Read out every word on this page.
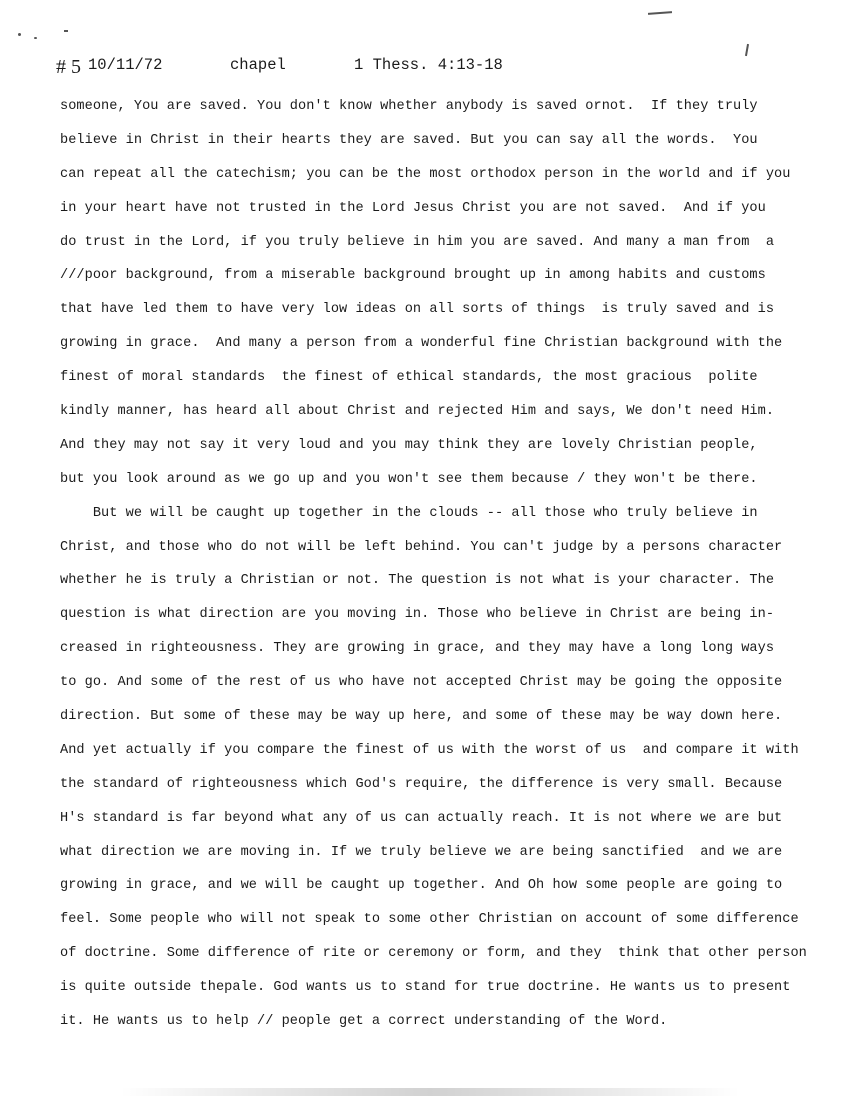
# 5 10/11/72	chapel	1 Thess. 4:13-18
someone, You are saved. You don't know whether anybody is saved ornot.  If they truly
believe in Christ in their hearts they are saved. But you can say all the words.  You
can repeat all the catechism; you can be the most orthodox person in the world and if you
in your heart have not trusted in the Lord Jesus Christ you are not saved.  And if you
do trust in the Lord, if you truly believe in him you are saved. And many a man from  a
///poor background, from a miserable background brought up in among habits and customs
that have led them to have very low ideas on all sorts of things  is truly saved and is
growing in grace.  And many a person from a wonderful fine Christian background with the
finest of moral standards  the finest of ethical standards, the most gracious  polite
kindly manner, has heard all about Christ and rejected Him and says, We don't need Him.
And they may not say it very loud and you may think they are lovely Christian people,
but you look around as we go up and you won't see them because / they won't be there.
But we will be caught up together in the clouds -- all those who truly believe in
Christ, and those who do not will be left behind. You can't judge by a persons character
whether he is truly a Christian or not. The question is not what is your character. The
question is what direction are you moving in. Those who believe in Christ are being in-
creased in righteousness. They are growing in grace, and they may have a long long ways
to go. And some of the rest of us who have not accepted Christ may be going the opposite
direction. But some of these may be way up here, and some of these may be way down here.
And yet actually if you compare the finest of us with the worst of us  and compare it with
the standard of righteousness which God's require, the difference is very small. Because
H's standard is far beyond what any of us can actually reach. It is not where we are but
what direction we are moving in. If we truly believe we are being sanctified  and we are
growing in grace, and we will be caught up together. And Oh how some people are going to
feel. Some people who will not speak to some other Christian on account of some difference
of doctrine. Some difference of rite or ceremony or form, and they  think that other person
is quite outside thepale. God wants us to stand for true doctrine. He wants us to present
it. He wants us to help // people get a correct understanding of the Word.
